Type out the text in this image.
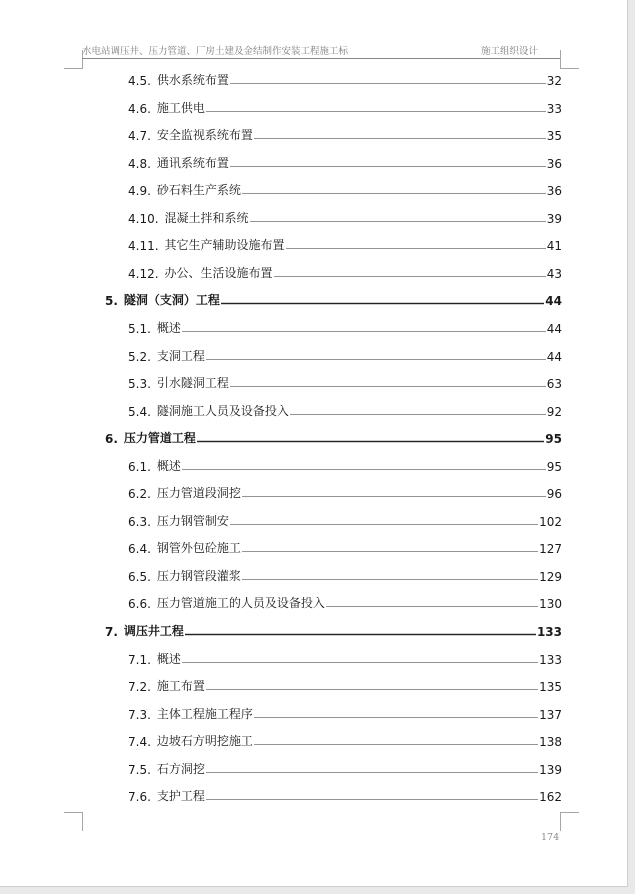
水电站调压井、压力管道、厂房土建及金结制作安装工程施工标	施工组织设计
4.5. 供水系统布置	32
4.6. 施工供电	33
4.7. 安全监视系统布置	35
4.8. 通讯系统布置	36
4.9. 砂石料生产系统	36
4.10. 混凝土拌和系统	39
4.11. 其它生产辅助设施布置	41
4.12. 办公、生活设施布置	43
5. 隧洞（支洞）工程	44
5.1. 概述	44
5.2. 支洞工程	44
5.3. 引水隧洞工程	63
5.4. 隧洞施工人员及设备投入	92
6. 压力管道工程	95
6.1. 概述	95
6.2. 压力管道段洞挖	96
6.3. 压力钢管制安	102
6.4. 钢管外包砼施工	127
6.5. 压力钢管段灌浆	129
6.6. 压力管道施工的人员及设备投入	130
7. 调压井工程	133
7.1. 概述	133
7.2. 施工布置	135
7.3. 主体工程施工程序	137
7.4. 边坡石方明挖施工	138
7.5. 石方洞挖	139
7.6. 支护工程	162
174
